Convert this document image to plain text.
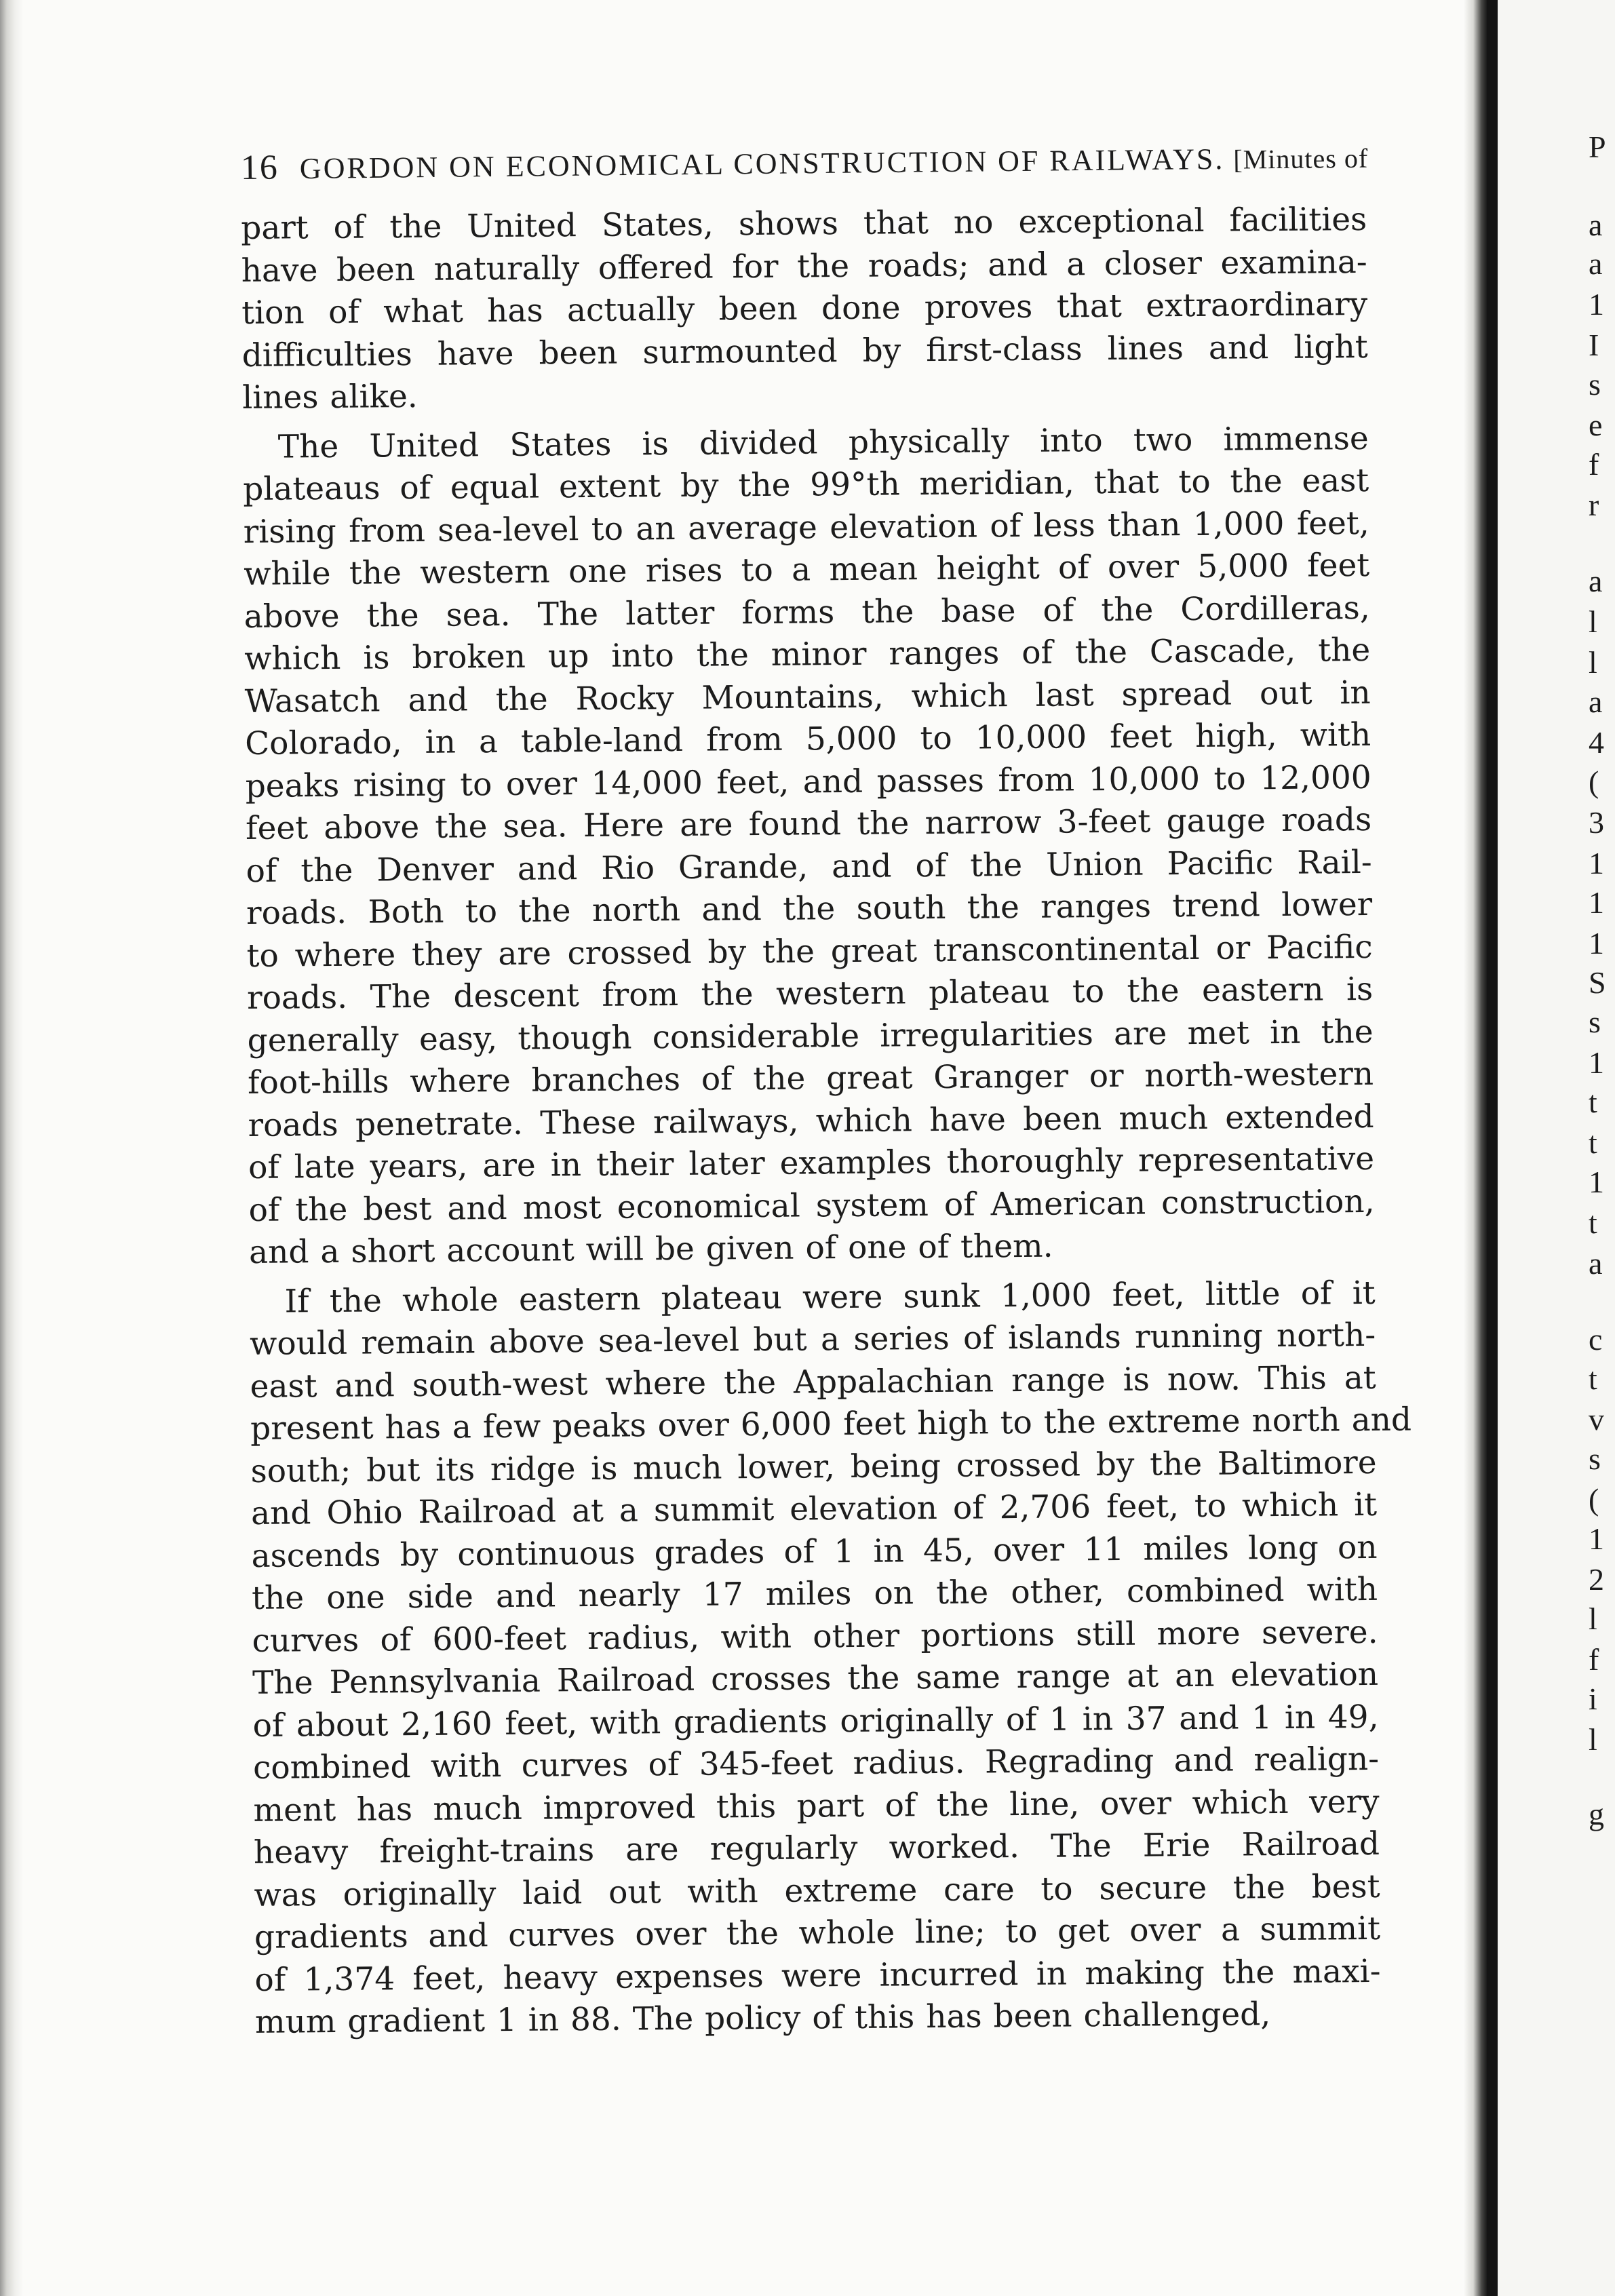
16 GORDON ON ECONOMICAL CONSTRUCTION OF RAILWAYS. [Minutes of
part of the United States, shows that no exceptional facilities
have been naturally offered for the roads; and a closer examina-
tion of what has actually been done proves that extraordinary
difficulties have been surmounted by first-class lines and light
lines alike.
The United States is divided physically into two immense
plateaus of equal extent by the 99°th meridian, that to the east
rising from sea-level to an average elevation of less than 1,000 feet,
while the western one rises to a mean height of over 5,000 feet
above the sea. The latter forms the base of the Cordilleras,
which is broken up into the minor ranges of the Cascade, the
Wasatch and the Rocky Mountains, which last spread out in
Colorado, in a table-land from 5,000 to 10,000 feet high, with
peaks rising to over 14,000 feet, and passes from 10,000 to 12,000
feet above the sea. Here are found the narrow 3-feet gauge roads
of the Denver and Rio Grande, and of the Union Pacific Rail-
roads. Both to the north and the south the ranges trend lower
to where they are crossed by the great transcontinental or Pacific
roads. The descent from the western plateau to the eastern is
generally easy, though considerable irregularities are met in the
foot-hills where branches of the great Granger or north-western
roads penetrate. These railways, which have been much extended
of late years, are in their later examples thoroughly representative
of the best and most economical system of American construction,
and a short account will be given of one of them.
If the whole eastern plateau were sunk 1,000 feet, little of it
would remain above sea-level but a series of islands running north-
east and south-west where the Appalachian range is now. This at
present has a few peaks over 6,000 feet high to the extreme north and
south; but its ridge is much lower, being crossed by the Baltimore
and Ohio Railroad at a summit elevation of 2,706 feet, to which it
ascends by continuous grades of 1 in 45, over 11 miles long on
the one side and nearly 17 miles on the other, combined with
curves of 600-feet radius, with other portions still more severe.
The Pennsylvania Railroad crosses the same range at an elevation
of about 2,160 feet, with gradients originally of 1 in 37 and 1 in 49,
combined with curves of 345-feet radius. Regrading and realign-
ment has much improved this part of the line, over which very
heavy freight-trains are regularly worked. The Erie Railroad
was originally laid out with extreme care to secure the best
gradients and curves over the whole line; to get over a summit
of 1,374 feet, heavy expenses were incurred in making the maxi-
mum gradient 1 in 88. The policy of this has been challenged,
P
a
a
1
I
s
e
f
r
a
l
l
a
4
(
3
1
1
1
S
s
1
t
t
1
t
a
c
t
v
s
(
1
2
l
f
i
l
g
